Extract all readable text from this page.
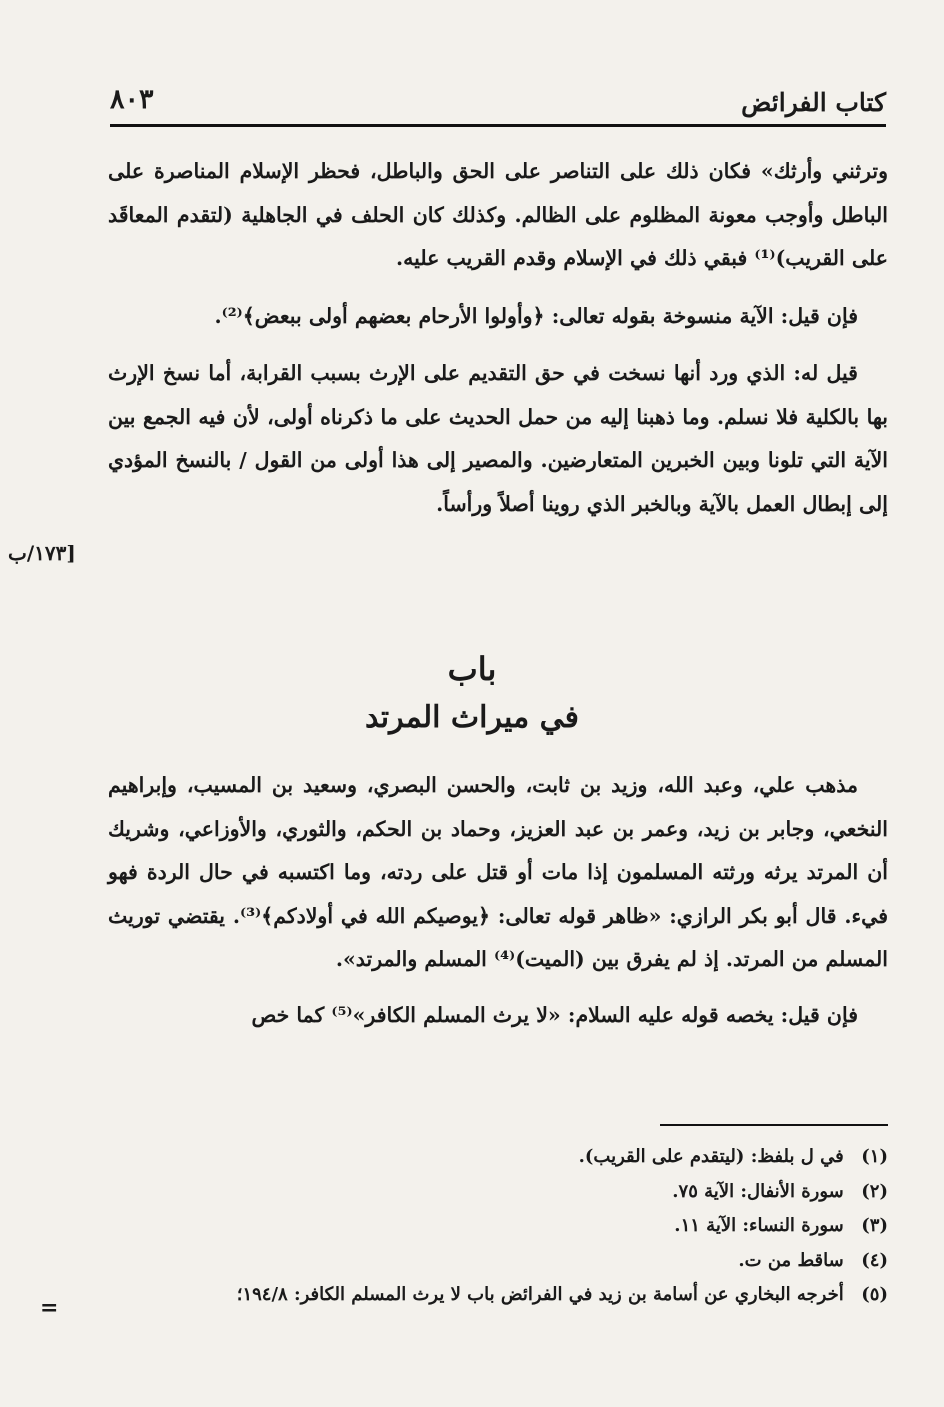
كتاب الفرائض
٨٠٣

وترثني وأرثك» فكان ذلك على التناصر على الحق والباطل، فحظر الإسلام المناصرة على الباطل وأوجب معونة المظلوم على الظالم. وكذلك كان الحلف في الجاهلية (لتقدم المعاقَد على القريب)⁽¹⁾ فبقي ذلك في الإسلام وقدم القريب عليه.

فإن قيل: الآية منسوخة بقوله تعالى: ﴿وأولوا الأرحام بعضهم أولى ببعض﴾⁽²⁾.

قيل له: الذي ورد أنها نسخت في حق التقديم على الإرث بسبب القرابة، أما نسخ الإرث بها بالكلية فلا نسلم. وما ذهبنا إليه من حمل الحديث على ما ذكرناه أولى، لأن فيه الجمع بين الآية التي تلونا وبين الخبرين المتعارضين. والمصير إلى هذا أولى من القول / بالنسخ المؤدي إلى إبطال العمل بالآية وبالخبر الذي روينا أصلاً ورأساً.

[١٧٣/ب
باب
في ميراث المرتد

مذهب علي، وعبد الله، وزيد بن ثابت، والحسن البصري، وسعيد بن المسيب، وإبراهيم النخعي، وجابر بن زيد، وعمر بن عبد العزيز، وحماد بن الحكم، والثوري، والأوزاعي، وشريك أن المرتد يرثه ورثته المسلمون إذا مات أو قتل على ردته، وما اكتسبه في حال الردة فهو فيء. قال أبو بكر الرازي: «ظاهر قوله تعالى: ﴿يوصيكم الله في أولادكم﴾⁽³⁾. يقتضي توريث المسلم من المرتد. إذ لم يفرق بين (الميت)⁽⁴⁾ المسلم والمرتد».

فإن قيل: يخصه قوله عليه السلام: «لا يرث المسلم الكافر»⁽⁵⁾ كما خص

(١) في ل بلفظ: (ليتقدم على القريب).
(٢) سورة الأنفال: الآية ٧٥.
(٣) سورة النساء: الآية ١١.
(٤) ساقط من ت.
(٥) أخرجه البخاري عن أسامة بن زيد في الفرائض باب لا يرث المسلم الكافر: ١٩٤/٨؛
=
